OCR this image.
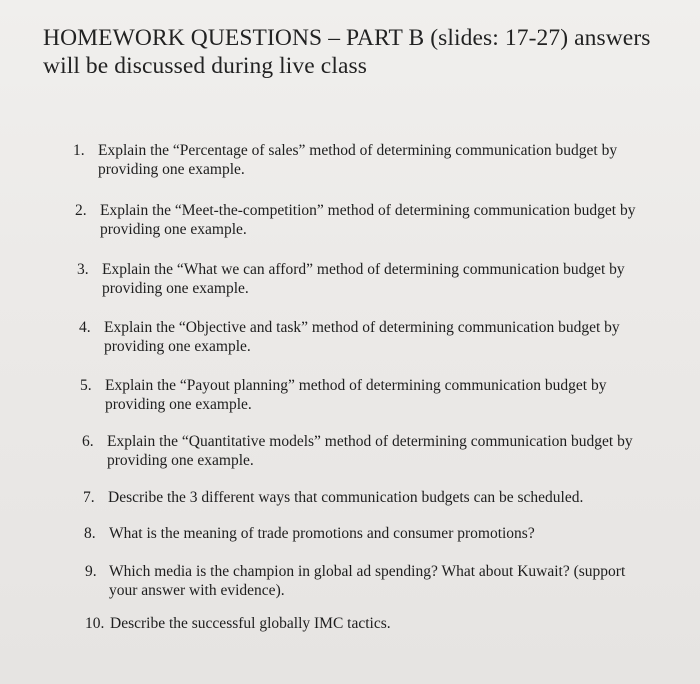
HOMEWORK QUESTIONS – PART B (slides: 17-27) answers will be discussed during live class
1. Explain the “Percentage of sales” method of determining communication budget by providing one example.
2. Explain the “Meet-the-competition” method of determining communication budget by providing one example.
3. Explain the “What we can afford” method of determining communication budget by providing one example.
4. Explain the “Objective and task” method of determining communication budget by providing one example.
5. Explain the “Payout planning” method of determining communication budget by providing one example.
6. Explain the “Quantitative models” method of determining communication budget by providing one example.
7. Describe the 3 different ways that communication budgets can be scheduled.
8. What is the meaning of trade promotions and consumer promotions?
9. Which media is the champion in global ad spending? What about Kuwait? (support your answer with evidence).
10. Describe the successful globally IMC tactics.
